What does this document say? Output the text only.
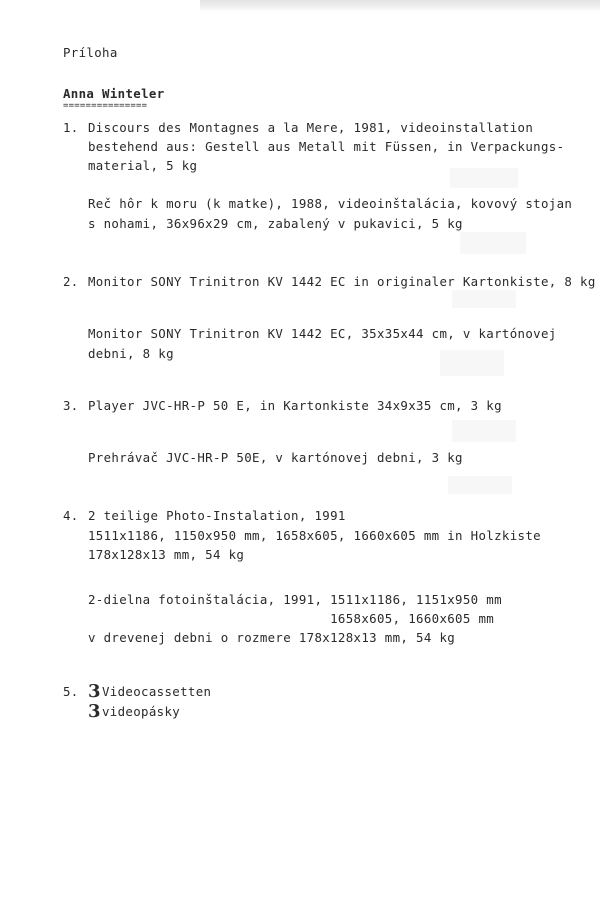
Príloha
Anna Winteler
===============
1. Discours des Montagnes a la Mere, 1981, videoinstallation
bestehend aus: Gestell aus Metall mit Füssen, in Verpackungs-
material, 5 kg
Reč hôr k moru (k matke), 1988, videoinštalácia, kovový stojan
s nohami, 36x96x29 cm, zabalený v pukavici, 5 kg
2. Monitor SONY Trinitron KV 1442 EC in originaler Kartonkiste, 8 kg
Monitor SONY Trinitron KV 1442 EC, 35x35x44 cm, v kartónovej
debni, 8 kg
3. Player JVC-HR-P 50 E, in Kartonkiste 34x9x35 cm, 3 kg
Prehrávač JVC-HR-P 50E, v kartónovej debni, 3 kg
4. 2 teilige Photo-Instalation, 1991
1511x1186, 1150x950 mm, 1658x605, 1660x605 mm in Holzkiste
178x128x13 mm, 54 kg
2-dielna fotoinštalácia, 1991, 1511x1186, 1151x950 mm
1658x605, 1660x605 mm
v drevenej debni o rozmere 178x128x13 mm, 54 kg
5. 3 Videocassetten
3 videopásky
